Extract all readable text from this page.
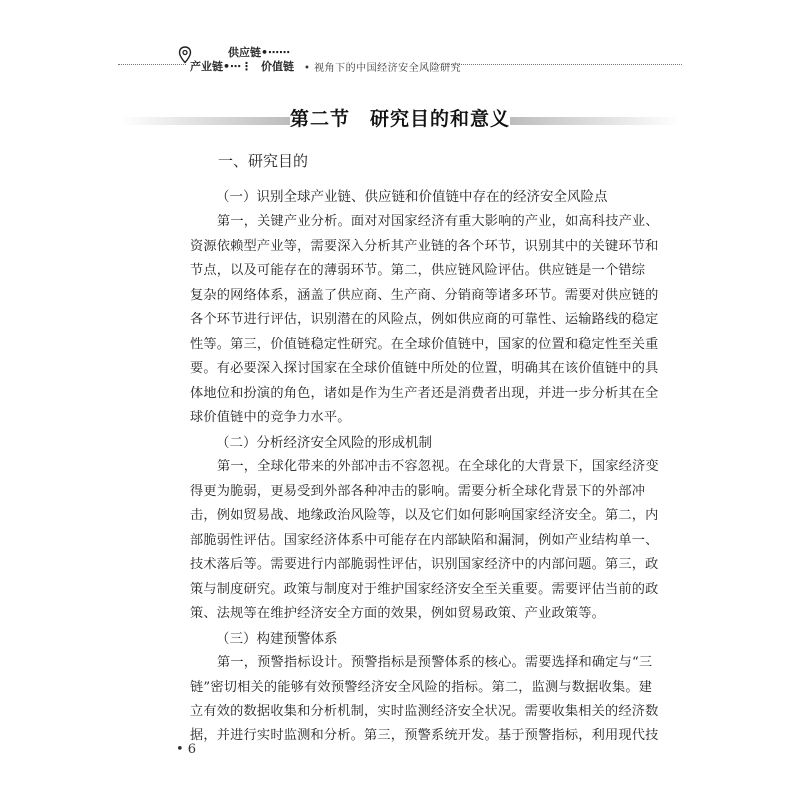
供应链•⋯⋯
产业链•⋯⋮ 价值链 • 视角下的中国经济安全风险研究
第二节　研究目的和意义
一、研究目的
（一）识别全球产业链、供应链和价值链中存在的经济安全风险点
第一，关键产业分析。面对对国家经济有重大影响的产业，如高科技产业、
资源依赖型产业等，需要深入分析其产业链的各个环节，识别其中的关键环节和
节点，以及可能存在的薄弱环节。第二，供应链风险评估。供应链是一个错综
复杂的网络体系，涵盖了供应商、生产商、分销商等诸多环节。需要对供应链的
各个环节进行评估，识别潜在的风险点，例如供应商的可靠性、运输路线的稳定
性等。第三，价值链稳定性研究。在全球价值链中，国家的位置和稳定性至关重
要。有必要深入探讨国家在全球价值链中所处的位置，明确其在该价值链中的具
体地位和扮演的角色，诸如是作为生产者还是消费者出现，并进一步分析其在全
球价值链中的竞争力水平。
（二）分析经济安全风险的形成机制
第一，全球化带来的外部冲击不容忽视。在全球化的大背景下，国家经济变
得更为脆弱，更易受到外部各种冲击的影响。需要分析全球化背景下的外部冲
击，例如贸易战、地缘政治风险等，以及它们如何影响国家经济安全。第二，内
部脆弱性评估。国家经济体系中可能存在内部缺陷和漏洞，例如产业结构单一、
技术落后等。需要进行内部脆弱性评估，识别国家经济中的内部问题。第三，政
策与制度研究。政策与制度对于维护国家经济安全至关重要。需要评估当前的政
策、法规等在维护经济安全方面的效果，例如贸易政策、产业政策等。
（三）构建预警体系
第一，预警指标设计。预警指标是预警体系的核心。需要选择和确定与“三
链”密切相关的能够有效预警经济安全风险的指标。第二，监测与数据收集。建
立有效的数据收集和分析机制，实时监测经济安全状况。需要收集相关的经济数
据，并进行实时监测和分析。第三，预警系统开发。基于预警指标，利用现代技
• 6
